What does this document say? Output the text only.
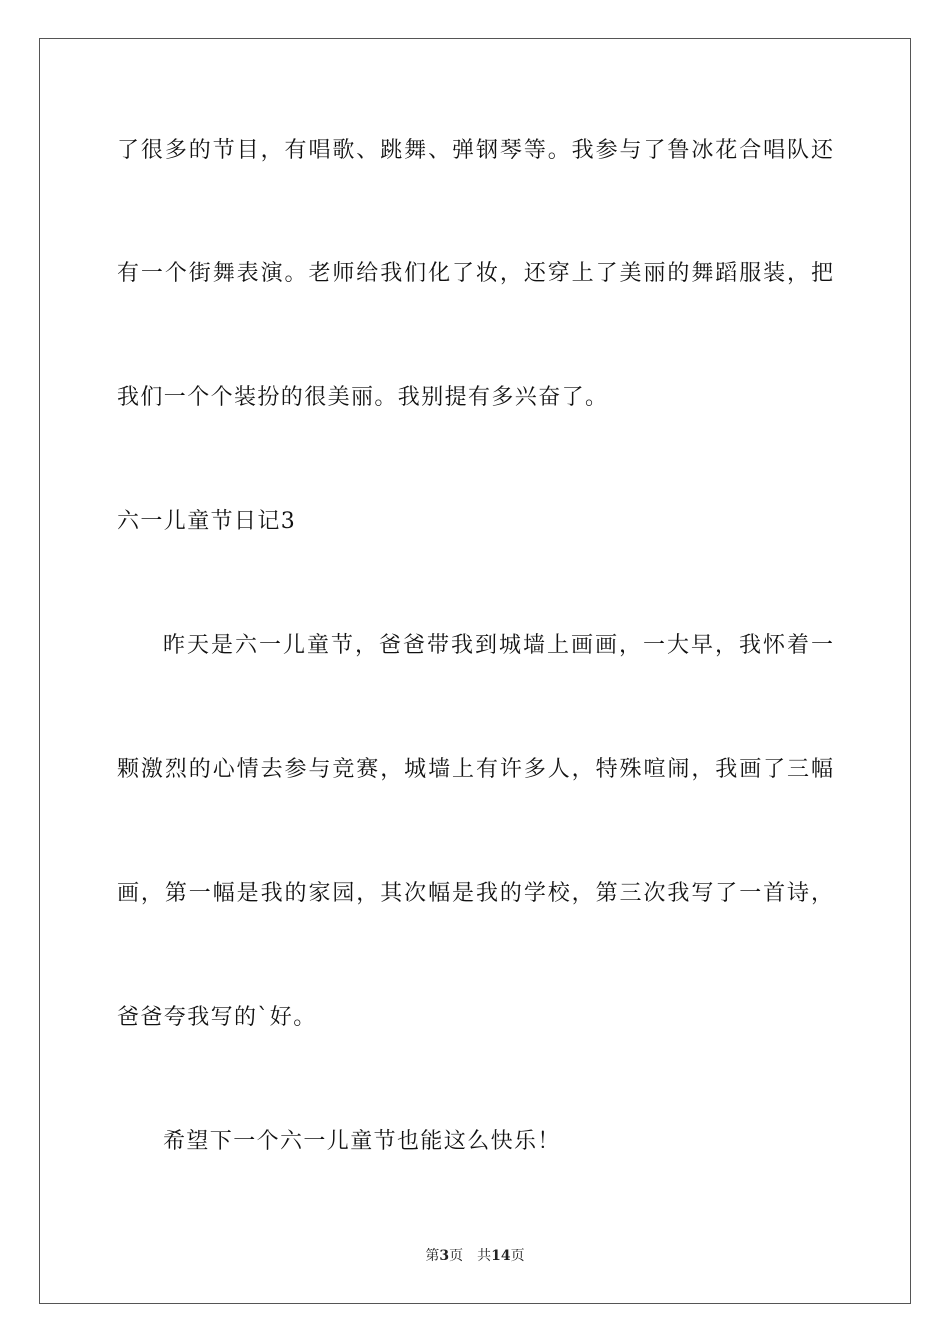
了很多的节目，有唱歌、跳舞、弹钢琴等。我参与了鲁冰花合唱队还
有一个街舞表演。老师给我们化了妆，还穿上了美丽的舞蹈服装，把
我们一个个装扮的很美丽。我别提有多兴奋了。
六一儿童节日记3
昨天是六一儿童节，爸爸带我到城墙上画画，一大早，我怀着一
颗激烈的心情去参与竞赛，城墙上有许多人，特殊喧闹，我画了三幅
画，第一幅是我的家园，其次幅是我的学校，第三次我写了一首诗，
爸爸夸我写的`好。
希望下一个六一儿童节也能这么快乐！
第3页 共14页
